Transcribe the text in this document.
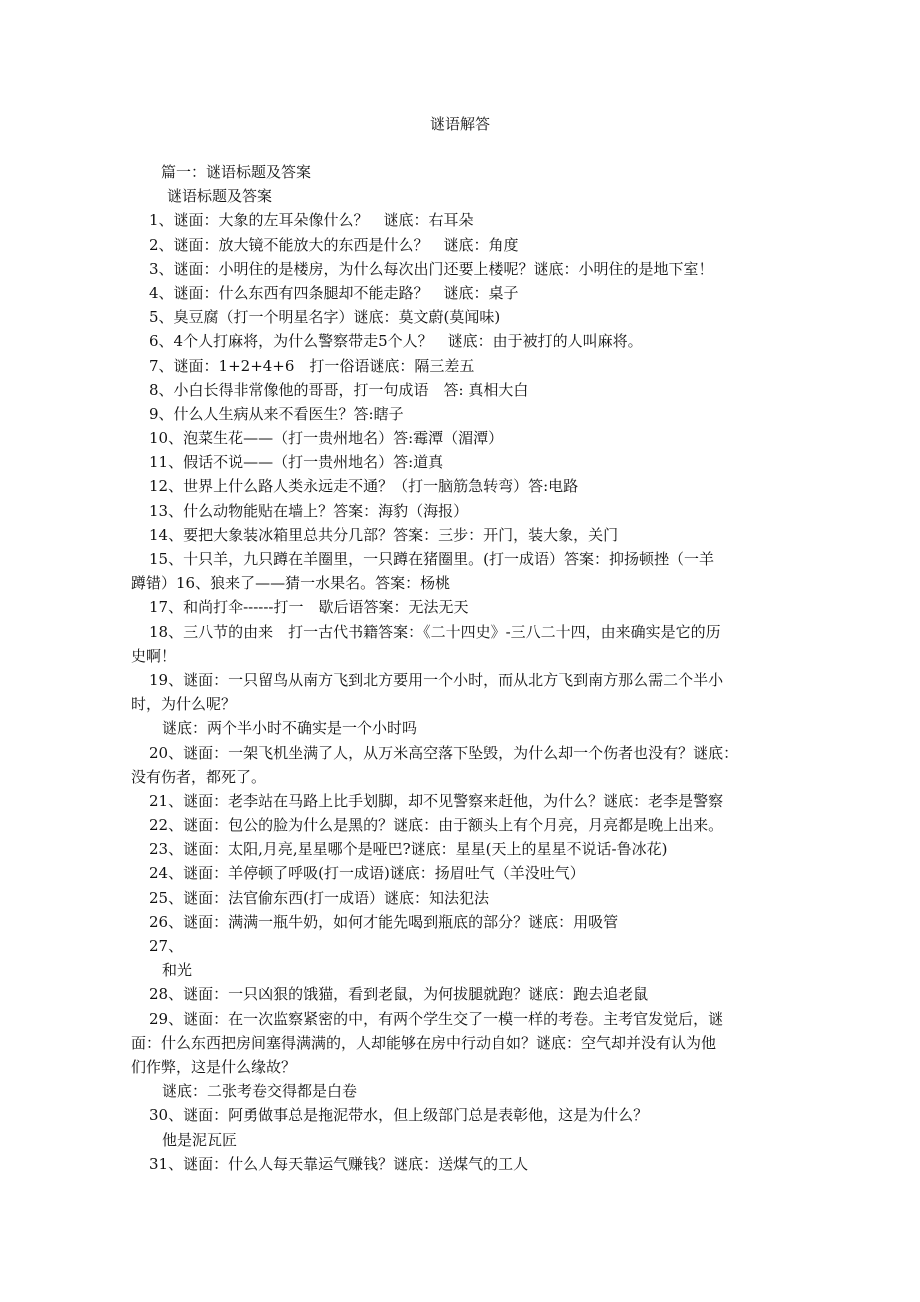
谜语解答
篇一：谜语标题及答案
谜语标题及答案
1、谜面：大象的左耳朵像什么？　谜底：右耳朵
2、谜面：放大镜不能放大的东西是什么？　谜底：角度
3、谜面：小明住的是楼房，为什么每次出门还要上楼呢？谜底：小明住的是地下室！
4、谜面：什么东西有四条腿却不能走路？　谜底：桌子
5、臭豆腐（打一个明星名字）谜底：莫文蔚(莫闻味)
6、4个人打麻将，为什么警察带走5个人？　谜底：由于被打的人叫麻将。
7、谜面：1+2+4+6　打一俗语谜底：隔三差五
8、小白长得非常像他的哥哥，打一句成语　答: 真相大白
9、什么人生病从来不看医生？答:瞎子
10、泡菜生花——（打一贵州地名）答:霉潭（湄潭）
11、假话不说——（打一贵州地名）答:道真
12、世界上什么路人类永远走不通？（打一脑筋急转弯）答:电路
13、什么动物能贴在墙上？答案：海豹（海报）
14、要把大象装冰箱里总共分几部？答案：三步：开门，装大象，关门
15、十只羊，九只蹲在羊圈里，一只蹲在猪圈里。(打一成语）答案：抑扬顿挫（一羊
蹲错）16、狼来了——猜一水果名。答案：杨桃
17、和尚打伞------打一　歇后语答案：无法无天
18、三八节的由来　打一古代书籍答案：《二十四史》-三八二十四，由来确实是它的历
史啊！
19、谜面：一只留鸟从南方飞到北方要用一个小时，而从北方飞到南方那么需二个半小
时，为什么呢？
谜底：两个半小时不确实是一个小时吗
20、谜面：一架飞机坐满了人，从万米高空落下坠毁，为什么却一个伤者也没有？谜底：
没有伤者，都死了。
21、谜面：老李站在马路上比手划脚，却不见警察来赶他，为什么？谜底：老李是警察
22、谜面：包公的脸为什么是黑的？谜底：由于额头上有个月亮，月亮都是晚上出来。
23、谜面：太阳,月亮,星星哪个是哑巴?谜底：星星(天上的星星不说话-鲁冰花)
24、谜面：羊停顿了呼吸(打一成语)谜底：扬眉吐气（羊没吐气）
25、谜面：法官偷东西(打一成语）谜底：知法犯法
26、谜面：满满一瓶牛奶，如何才能先喝到瓶底的部分？谜底：用吸管
27、
和光
28、谜面：一只凶狠的饿猫，看到老鼠，为何拔腿就跑？谜底：跑去追老鼠
29、谜面：在一次监察紧密的中，有两个学生交了一模一样的考卷。主考官发觉后，谜
面：什么东西把房间塞得满满的，人却能够在房中行动自如？谜底：空气却并没有认为他
们作弊，这是什么缘故？
谜底：二张考卷交得都是白卷
30、谜面：阿勇做事总是拖泥带水，但上级部门总是表彰他，这是为什么？
他是泥瓦匠
31、谜面：什么人每天靠运气赚钱？谜底：送煤气的工人
